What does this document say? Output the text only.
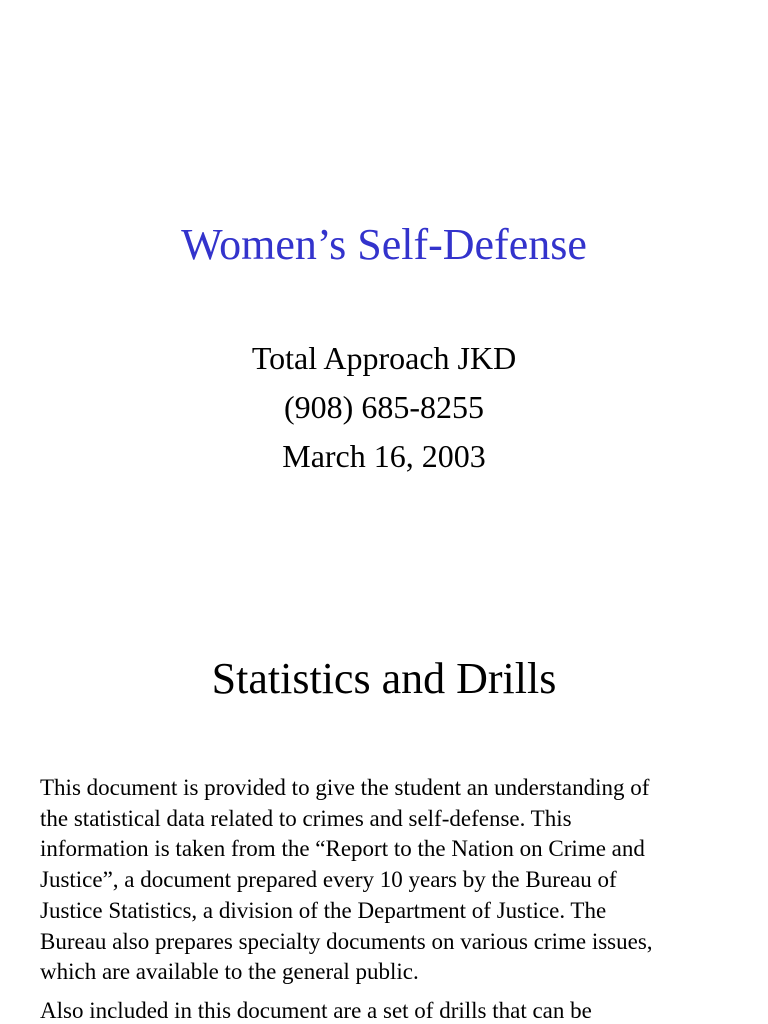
Women’s Self-Defense
Total Approach JKD
(908) 685-8255
March 16, 2003
Statistics and Drills

This document is provided to give the student an understanding of
the statistical data related to crimes and self-defense. This
information is taken from the “Report to the Nation on Crime and
Justice”, a document prepared every 10 years by the Bureau of
Justice Statistics, a division of the Department of Justice. The
Bureau also prepares specialty documents on various crime issues,
which are available to the general public.

Also included in this document are a set of drills that can be
